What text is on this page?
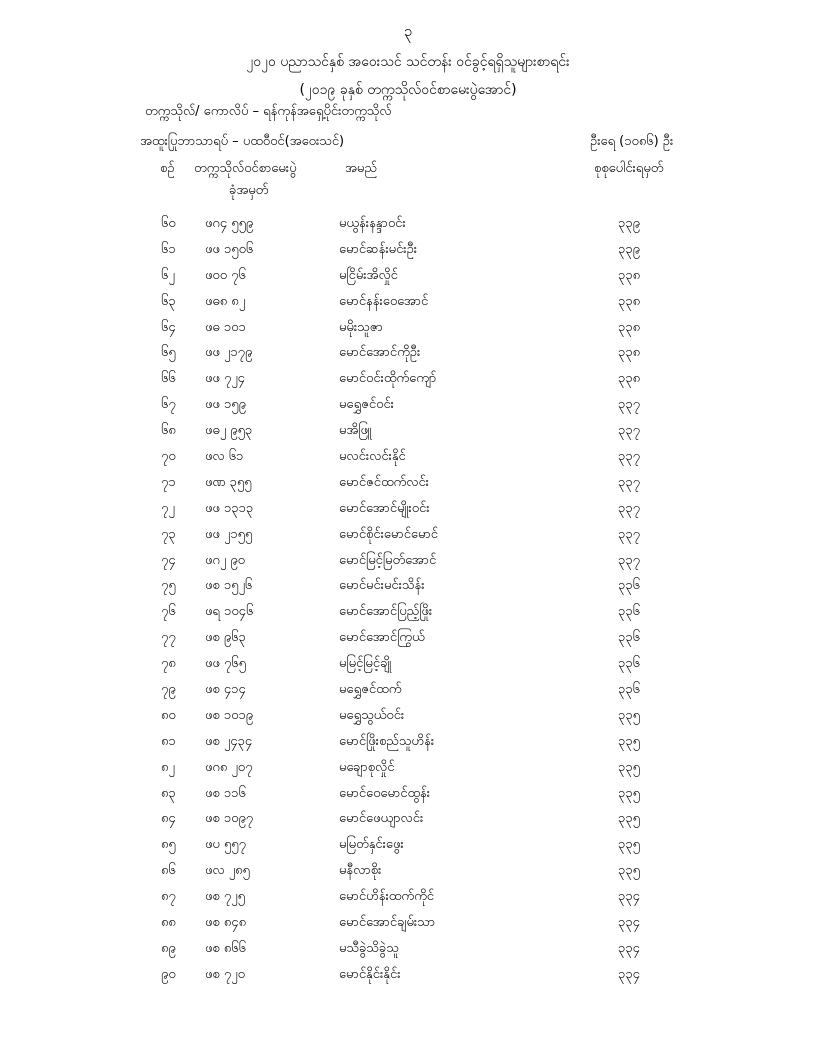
၃
၂၀၂၀ ပညာသင်နှစ် အဝေးသင် သင်တန်း ဝင်ခွင့်ရရှိသူများစာရင်း
(၂၀၁၉ ခုနှစ် တက္ကသိုလ်ဝင်စာမေးပွဲအောင်)
တက္ကသိုလ်/ ကောလိပ် – ရန်ကုန်အရှေ့ပိုင်းတက္ကသိုလ်
အထူးပြုဘာသာရပ် – ပထဝီဝင်(အဝေးသင်)	ဦးရေ (၁၀၈၆) ဦး
စဉ် တက္ကသိုလ်ဝင်စာမေးပွဲ
ခုံအမှတ်
အမည်	စုစုပေါင်းရမှတ်
၆၀ ဖဂ၄ ၅၅၉	မယွန်းနန္ဒာဝင်း	၃၃၉
၆၁ ဖဖ ၁၅၀၆	မောင်ဆန်းမင်းဦး	၃၃၉
၆၂ ဖဝ၀ ၇၆	မငြိမ်းအိလှိုင်	၃၃၈
၆၃ ဖဓ၈ ၈၂	မောင်နန်းဝေအောင်	၃၃၈
၆၄ ဖဓ ၁၀၁	မမိုးသူဇာ	၃၃၈
၆၅ ဖဖ ၂၁၇၉	မောင်အောင်ကိုဦး	၃၃၈
၆၆ ဖဖ ၇၂၄	မောင်ဝင်းထိုက်ကျော်	၃၃၈
၆၇ ဖဖ ၁၅၉	မရွှေဇင်ဝင်း	၃၃၇
၆၈ ဖဓ၂ ၉၅၃	မအိဖြူ	၃၃၇
၇၀ ဖလ ၆၁	မလင်းလင်းနိုင်	၃၃၇
၇၁ ဖဏ ၃၅၅	မောင်ဇင်ထက်လင်း	၃၃၇
၇၂ ဖဖ ၁၃၁၃	မောင်အောင်မျိုးဝင်း	၃၃၇
၇၃ ဖဖ ၂၁၅၅	မောင်စိုင်းမောင်မောင်	၃၃၇
၇၄ ဖဂ၂ ၉၀	မောင်မြင့်မြတ်အောင်	၃၃၇
၇၅ ဖစ ၁၅၂၆	မောင်မင်းမင်းသိန်း	၃၃၆
၇၆ ဖရ ၁၀၄၆	မောင်အောင်ပြည့်ဖြိုး	၃၃၆
၇၇ ဖစ ၉၆၃	မောင်အောင်ကြွယ်	၃၃၆
၇၈ ဖဖ ၇၆၅	မမြင့်မြင့်ချို	၃၃၆
၇၉ ဖစ ၄၁၄	မရွှေဇင်ထက်	၃၃၆
၈၀ ဖစ ၁၀၁၉	မရွှေသွယ်ဝင်း	၃၃၅
၈၁ ဖစ ၂၄၃၄	မောင်ဖြိုးစည်သူဟိန်း	၃၃၅
၈၂ ဖဂ၈ ၂၀၇	မချောစုလှိုင်	၃၃၅
၈၃ ဖစ ၁၁၆	မောင်ဝေမောင်ထွန်း	၃၃၅
၈၄ ဖစ ၁၀၉၇	မောင်ဖေယျာလင်း	၃၃၅
၈၅ ဖပ ၅၅၇	မမြတ်နှင်းဖွေး	၃၃၅
၈၆ ဖလ ၂၈၅	မနီလာစိုး	၃၃၅
၈၇ ဖစ ၇၂၅	မောင်ဟိန်းထက်ကိုင်	၃၃၄
၈၈ ဖစ ၈၄၈	မောင်အောင်ချမ်းသာ	၃၃၄
၈၉ ဖစ ၈၆၆	မသီခွဲသိခွဲသူ	၃၃၄
၉၀ ဖစ ၇၂၀	မောင်နိုင်းနိုင်း	၃၃၄
